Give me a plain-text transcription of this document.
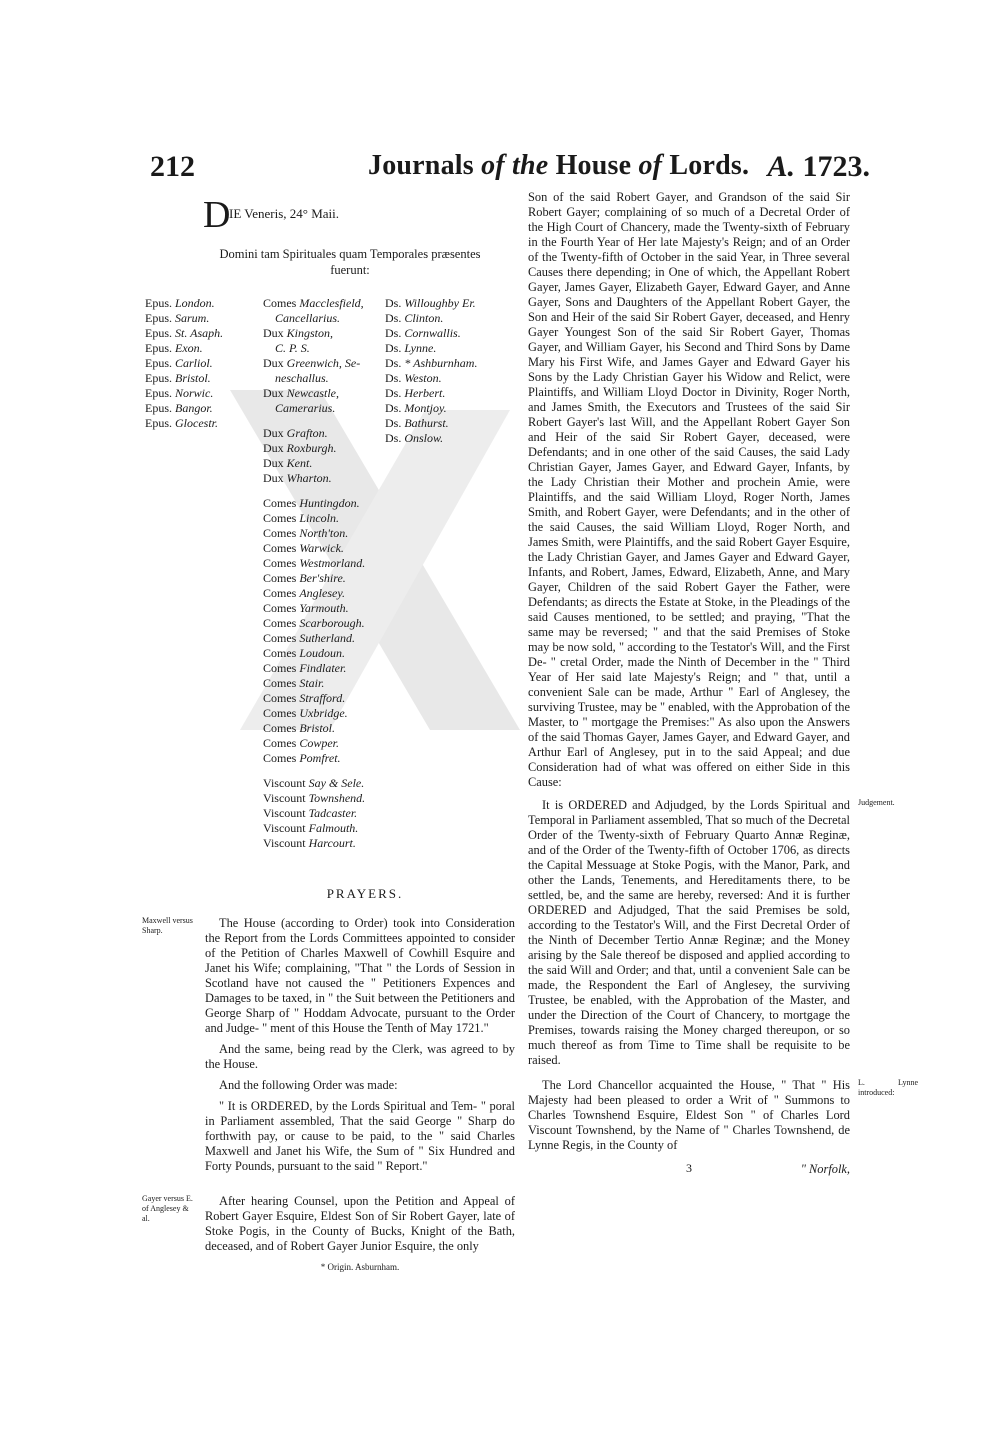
212	Journals of the House of Lords. A. 1723.
D
IE Veneris, 24° Maii.
Domini tam Spirituales quam Temporales præsentes fuerunt:
Epus. London.
Epus. Sarum.
Epus. St. Asaph.
Epus. Exon.
Epus. Carliol.
Epus. Bristol.
Epus. Norwic.
Epus. Bangor.
Epus. Glocestr.
Comes Macclesfield,
Cancellarius.
Dux Kingston,
C. P. S.
Dux Greenwich, Se-
neschallus.
Dux Newcastle,
Camerarius.
Dux Grafton.
Dux Roxburgh.
Dux Kent.
Dux Wharton.
Comes Huntingdon.
Comes Lincoln.
Comes North'ton.
Comes Warwick.
Comes Westmorland.
Comes Ber'shire.
Comes Anglesey.
Comes Yarmouth.
Comes Scarborough.
Comes Sutherland.
Comes Loudoun.
Comes Findlater.
Comes Stair.
Comes Strafford.
Comes Uxbridge.
Comes Bristol.
Comes Cowper.
Comes Pomfret.
Viscount Say & Sele.
Viscount Townshend.
Viscount Tadcaster.
Viscount Falmouth.
Viscount Harcourt.
Ds. Willoughby Er.
Ds. Clinton.
Ds. Cornwallis.
Ds. Lynne.
Ds. * Ashburnham.
Ds. Weston.
Ds. Herbert.
Ds. Montjoy.
Ds. Bathurst.
Ds. Onslow.
PRAYERS.
Maxwell versus Sharp.

The House (according to Order) took into Consideration the Report from the Lords Committees appointed to consider of the Petition of Charles Maxwell of Cowhill Esquire and Janet his Wife; complaining, "That " the Lords of Session in Scotland have not caused the " Petitioners Expences and Damages to be taxed, in " the Suit between the Petitioners and George Sharp of " Hoddam Advocate, pursuant to the Order and Judge- " ment of this House the Tenth of May 1721."

And the same, being read by the Clerk, was agreed to by the House.

And the following Order was made:

" It is ORDERED, by the Lords Spiritual and Tem- " poral in Parliament assembled, That the said George " Sharp do forthwith pay, or cause to be paid, to the " said Charles Maxwell and Janet his Wife, the Sum of " Six Hundred and Forty Pounds, pursuant to the said " Report."

Gayer versus E. of Anglesey & al.

After hearing Counsel, upon the Petition and Appeal of Robert Gayer Esquire, Eldest Son of Sir Robert Gayer, late of Stoke Pogis, in the County of Bucks, Knight of the Bath, deceased, and of Robert Gayer Junior Esquire, the only

* Origin. Asburnham.

Son of the said Robert Gayer, and Grandson of the said Sir Robert Gayer; complaining of so much of a Decretal Order of the High Court of Chancery, made the Twenty-sixth of February in the Fourth Year of Her late Majesty's Reign; and of an Order of the Twenty-fifth of October in the said Year, in Three several Causes there depending; in One of which, the Appellant Robert Gayer, James Gayer, Elizabeth Gayer, Edward Gayer, and Anne Gayer, Sons and Daughters of the Appellant Robert Gayer, the Son and Heir of the said Sir Robert Gayer, deceased, and Henry Gayer Youngest Son of the said Sir Robert Gayer, Thomas Gayer, and William Gayer, his Second and Third Sons by Dame Mary his First Wife, and James Gayer and Edward Gayer his Sons by the Lady Christian Gayer his Widow and Relict, were Plaintiffs, and William Lloyd Doctor in Divinity, Roger North, and James Smith, the Executors and Trustees of the said Sir Robert Gayer's last Will, and the Appellant Robert Gayer Son and Heir of the said Sir Robert Gayer, deceased, were Defendants; and in one other of the said Causes, the said Lady Christian Gayer, James Gayer, and Edward Gayer, Infants, by the Lady Christian their Mother and prochein Amie, were Plaintiffs, and the said William Lloyd, Roger North, James Smith, and Robert Gayer, were Defendants; and in the other of the said Causes, the said William Lloyd, Roger North, and James Smith, were Plaintiffs, and the said Robert Gayer Esquire, the Lady Christian Gayer, and James Gayer and Edward Gayer, Infants, and Robert, James, Edward, Elizabeth, Anne, and Mary Gayer, Children of the said Robert Gayer the Father, were Defendants; as directs the Estate at Stoke, in the Pleadings of the said Causes mentioned, to be settled; and praying, "That the same may be reversed; " and that the said Premises of Stoke may be now sold, " according to the Testator's Will, and the First De- " cretal Order, made the Ninth of December in the " Third Year of Her said late Majesty's Reign; and " that, until a convenient Sale can be made, Arthur " Earl of Anglesey, the surviving Trustee, may be " enabled, with the Approbation of the Master, to " mortgage the Premises:" As also upon the Answers of the said Thomas Gayer, James Gayer, and Edward Gayer, and Arthur Earl of Anglesey, put in to the said Appeal; and due Consideration had of what was offered on either Side in this Cause:

Judgement.

It is ORDERED and Adjudged, by the Lords Spiritual and Temporal in Parliament assembled, That so much of the Decretal Order of the Twenty-sixth of February Quarto Annæ Reginæ, and of the Order of the Twenty-fifth of October 1706, as directs the Capital Messuage at Stoke Pogis, with the Manor, Park, and other the Lands, Tenements, and Hereditaments there, to be settled, be, and the same are hereby, reversed: And it is further ORDERED and Adjudged, That the said Premises be sold, according to the Testator's Will, and the First Decretal Order of the Ninth of December Tertio Annæ Reginæ; and the Money arising by the Sale thereof be disposed and applied according to the said Will and Order; and that, until a convenient Sale can be made, the Respondent the Earl of Anglesey, the surviving Trustee, be enabled, with the Approbation of the Master, and under the Direction of the Court of Chancery, to mortgage the Premises, towards raising the Money charged thereupon, or so much thereof as from Time to Time shall be requisite to be raised.

L. Lynne introduced:

The Lord Chancellor acquainted the House, " That " His Majesty had been pleased to order a Writ of " Summons to Charles Townshend Esquire, Eldest Son " of Charles Lord Viscount Townshend, by the Name of " Charles Townshend, de Lynne Regis, in the County of

3	" Norfolk,
